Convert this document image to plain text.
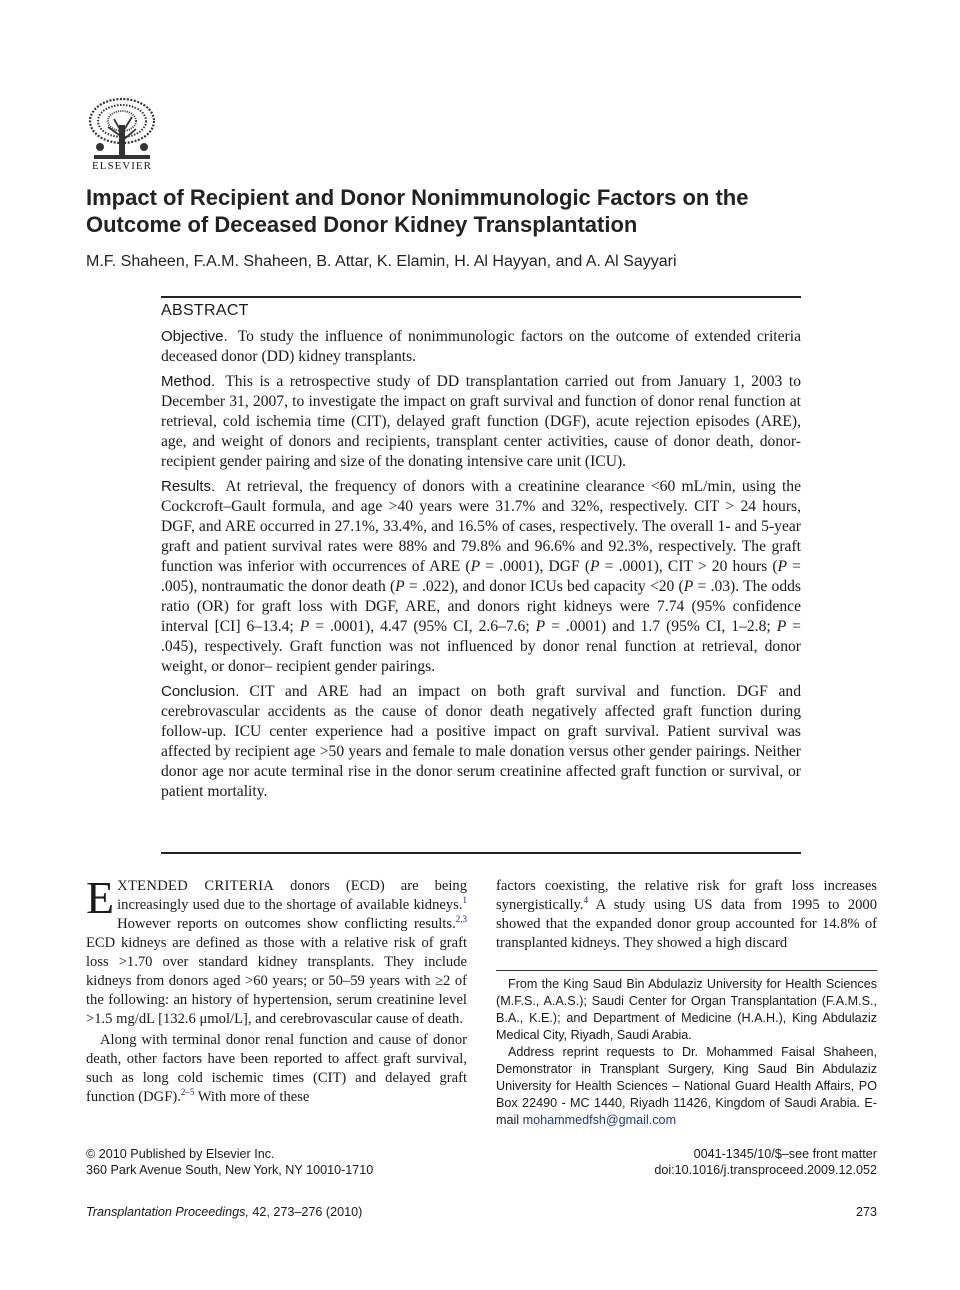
ELSEVIER
Impact of Recipient and Donor Nonimmunologic Factors on the Outcome of Deceased Donor Kidney Transplantation
M.F. Shaheen, F.A.M. Shaheen, B. Attar, K. Elamin, H. Al Hayyan, and A. Al Sayyari
ABSTRACT

Objective. To study the influence of nonimmunologic factors on the outcome of extended criteria deceased donor (DD) kidney transplants.

Method. This is a retrospective study of DD transplantation carried out from January 1, 2003 to December 31, 2007, to investigate the impact on graft survival and function of donor renal function at retrieval, cold ischemia time (CIT), delayed graft function (DGF), acute rejection episodes (ARE), age, and weight of donors and recipients, transplant center activities, cause of donor death, donor-recipient gender pairing and size of the donating intensive care unit (ICU).

Results. At retrieval, the frequency of donors with a creatinine clearance <60 mL/min, using the Cockcroft–Gault formula, and age >40 years were 31.7% and 32%, respectively. CIT > 24 hours, DGF, and ARE occurred in 27.1%, 33.4%, and 16.5% of cases, respectively. The overall 1- and 5-year graft and patient survival rates were 88% and 79.8% and 96.6% and 92.3%, respectively. The graft function was inferior with occurrences of ARE (P = .0001), DGF (P = .0001), CIT > 20 hours (P = .005), nontraumatic the donor death (P = .022), and donor ICUs bed capacity <20 (P = .03). The odds ratio (OR) for graft loss with DGF, ARE, and donors right kidneys were 7.74 (95% confidence interval [CI] 6–13.4; P = .0001), 4.47 (95% CI, 2.6–7.6; P = .0001) and 1.7 (95% CI, 1–2.8; P = .045), respectively. Graft function was not influenced by donor renal function at retrieval, donor weight, or donor– recipient gender pairings.

Conclusion. CIT and ARE had an impact on both graft survival and function. DGF and cerebrovascular accidents as the cause of donor death negatively affected graft function during follow-up. ICU center experience had a positive impact on graft survival. Patient survival was affected by recipient age >50 years and female to male donation versus other gender pairings. Neither donor age nor acute terminal rise in the donor serum creatinine affected graft function or survival, or patient mortality.

EXTENDED CRITERIA donors (ECD) are being increasingly used due to the shortage of available kidneys.$^1$ However reports on outcomes show conflicting results.$^{2,3}$ ECD kidneys are defined as those with a relative risk of graft loss >1.70 over standard kidney transplants. They include kidneys from donors aged >60 years; or 50–59 years with ≥2 of the following: an history of hypertension, serum creatinine level >1.5 mg/dL [132.6 μmol/L], and cerebrovascular cause of death.

Along with terminal donor renal function and cause of donor death, other factors have been reported to affect graft survival, such as long cold ischemic times (CIT) and delayed graft function (DGF).$^{2-5}$ With more of these

factors coexisting, the relative risk for graft loss increases synergistically.$^4$ A study using US data from 1995 to 2000 showed that the expanded donor group accounted for 14.8% of transplanted kidneys. They showed a high discard

From the King Saud Bin Abdulaziz University for Health Sciences (M.F.S., A.A.S.); Saudi Center for Organ Transplantation (F.A.M.S., B.A., K.E.); and Department of Medicine (H.A.H.), King Abdulaziz Medical City, Riyadh, Saudi Arabia.

Address reprint requests to Dr. Mohammed Faisal Shaheen, Demonstrator in Transplant Surgery, King Saud Bin Abdulaziz University for Health Sciences – National Guard Health Affairs, PO Box 22490 - MC 1440, Riyadh 11426, Kingdom of Saudi Arabia. E-mail mohammedfsh@gmail.com

© 2010 Published by Elsevier Inc.
360 Park Avenue South, New York, NY 10010-1710
0041-1345/10/$–see front matter
doi:10.1016/j.transproceed.2009.12.052
Transplantation Proceedings, 42, 273–276 (2010)	273
